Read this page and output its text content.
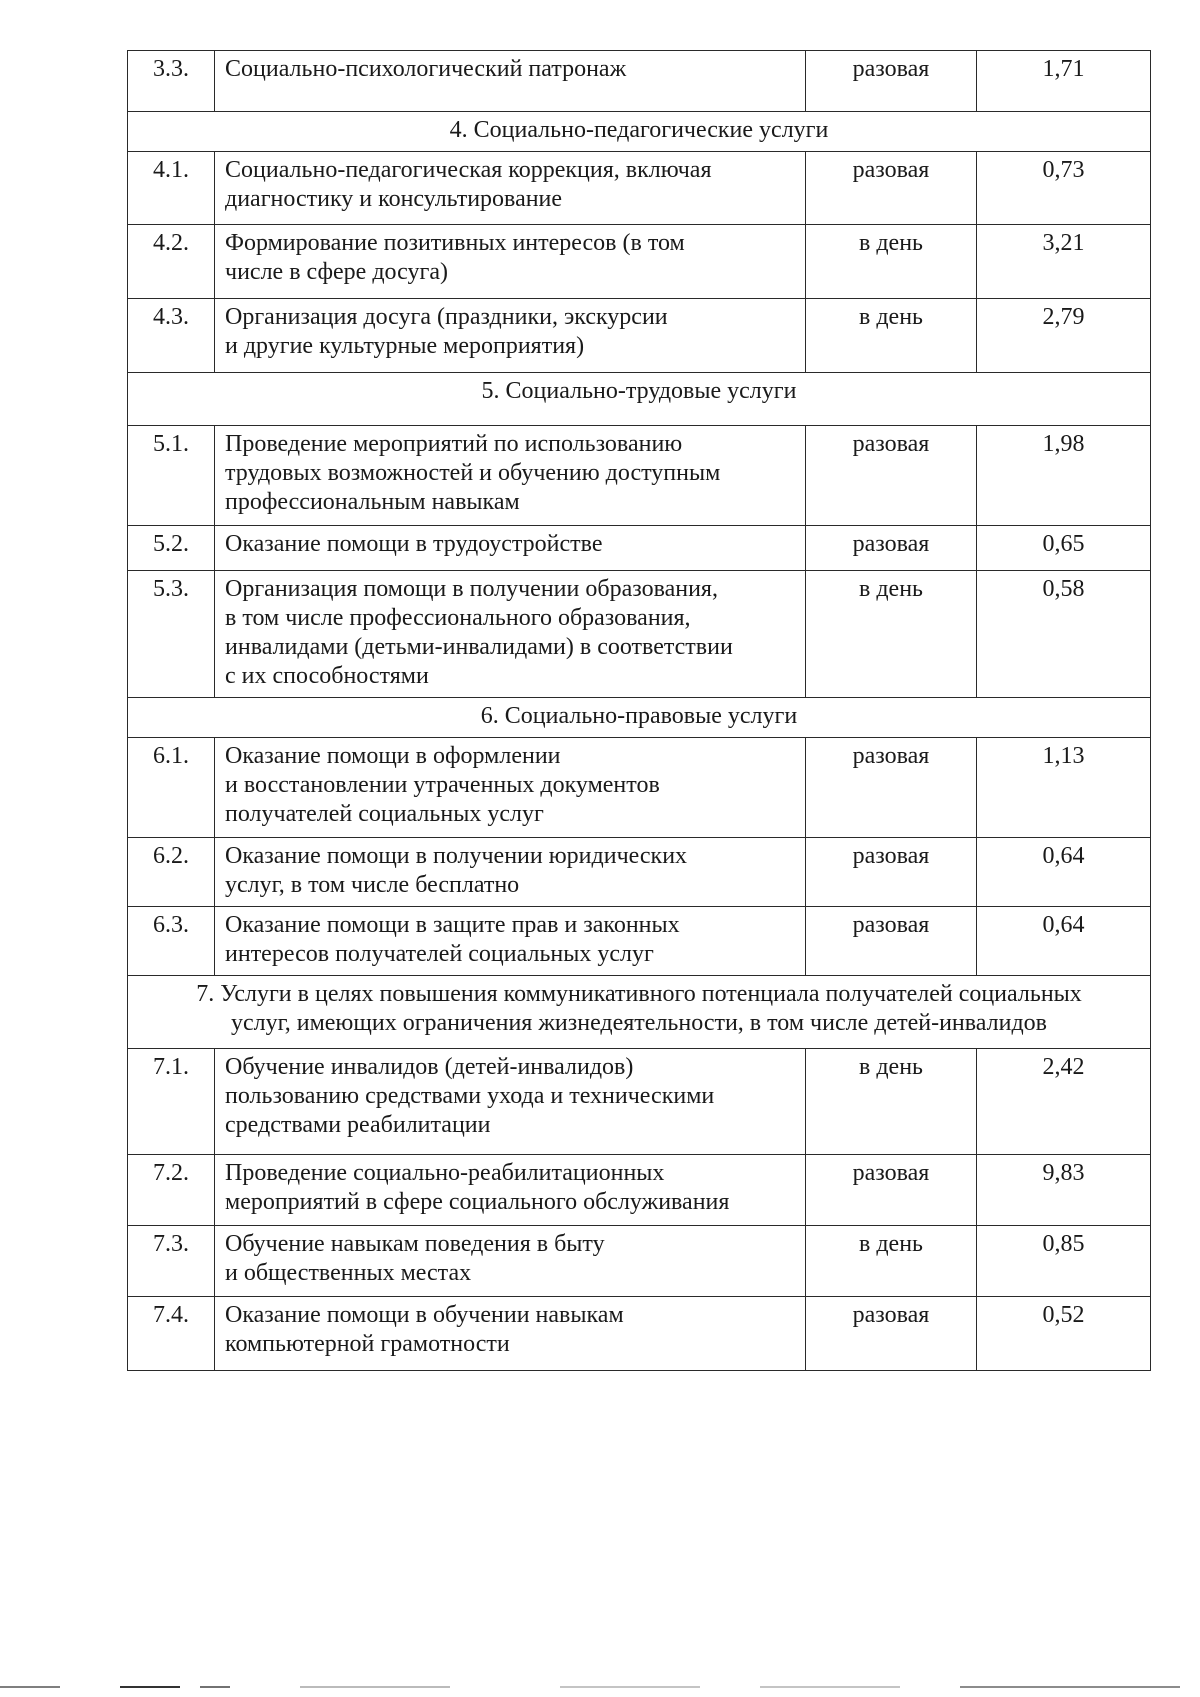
3.3.	Социально-психологический патронаж	разовая	1,71
4. Социально-педагогические услуги			
4.1.	Социально-педагогическая коррекция, включая
диагностику и консультирование	разовая	0,73
4.2.	Формирование позитивных интересов (в том
числе в сфере досуга)	в день	3,21
4.3.	Организация досуга (праздники, экскурсии
и другие культурные мероприятия)	в день	2,79
5. Социально-трудовые услуги			
5.1.	Проведение мероприятий по использованию
трудовых возможностей и обучению доступным
профессиональным навыкам	разовая	1,98
5.2.	Оказание помощи в трудоустройстве	разовая	0,65
5.3.	Организация помощи в получении образования,
в том числе профессионального образования,
инвалидами (детьми-инвалидами) в соответствии
с их способностями	в день	0,58
6. Социально-правовые услуги			
6.1.	Оказание помощи в оформлении
и восстановлении утраченных документов
получателей социальных услуг	разовая	1,13
6.2.	Оказание помощи в получении юридических
услуг, в том числе бесплатно	разовая	0,64
6.3.	Оказание помощи в защите прав и законных
интересов получателей социальных услуг	разовая	0,64
7. Услуги в целях повышения коммуникативного потенциала получателей социальных
услуг, имеющих ограничения жизнедеятельности, в том числе детей-инвалидов			
7.1.	Обучение инвалидов (детей-инвалидов)
пользованию средствами ухода и техническими
средствами реабилитации	в день	2,42
7.2.	Проведение социально-реабилитационных
мероприятий в сфере социального обслуживания	разовая	9,83
7.3.	Обучение навыкам поведения в быту
и общественных местах	в день	0,85
7.4.	Оказание помощи в обучении навыкам
компьютерной грамотности	разовая	0,52
